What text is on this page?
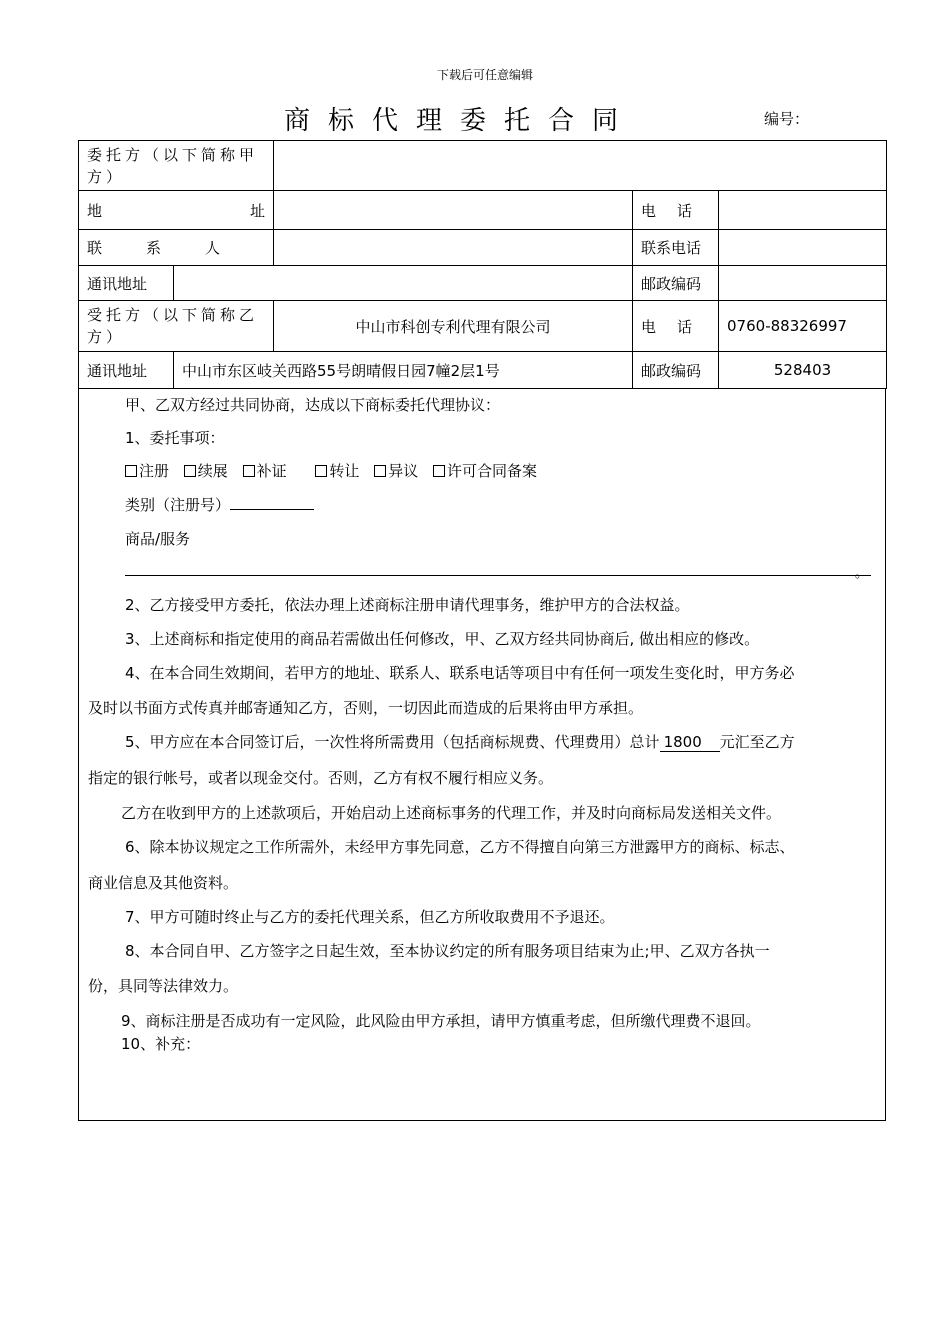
下载后可任意编辑
商标代理委托合同	编号：
委托方（以下简称甲方）				

地址			电话	

联系人			联系电话	
通讯地址			邮政编码	
受托方（以下简称乙方）		中山市科创专利代理有限公司	电话	0760-88326997
通讯地址	中山市东区岐关西路55号朗晴假日园7幢2层1号		邮政编码	528403
甲、乙双方经过共同协商，达成以下商标委托代理协议：
1、委托事项：
注册 续展 补证	转让 异议 许可合同备案
类别（注册号）
商品/服务
。
2、乙方接受甲方委托，依法办理上述商标注册申请代理事务，维护甲方的合法权益。
3、上述商标和指定使用的商品若需做出任何修改，甲、乙双方经共同协商后, 做出相应的修改。
4、在本合同生效期间，若甲方的地址、联系人、联系电话等项目中有任何一项发生变化时，甲方务必
及时以书面方式传真并邮寄通知乙方，否则，一切因此而造成的后果将由甲方承担。
5、甲方应在本合同签订后，一次性将所需费用（包括商标规费、代理费用）总计 1800 元汇至乙方
指定的银行帐号，或者以现金交付。否则，乙方有权不履行相应义务。
乙方在收到甲方的上述款项后，开始启动上述商标事务的代理工作，并及时向商标局发送相关文件。
6、除本协议规定之工作所需外，未经甲方事先同意，乙方不得擅自向第三方泄露甲方的商标、标志、
商业信息及其他资料。
7、甲方可随时终止与乙方的委托代理关系，但乙方所收取费用不予退还。
8、本合同自甲、乙方签字之日起生效，至本协议约定的所有服务项目结束为止;甲、乙双方各执一
份，具同等法律效力。
9、商标注册是否成功有一定风险，此风险由甲方承担，请甲方慎重考虑，但所缴代理费不退回。
10、补充：
